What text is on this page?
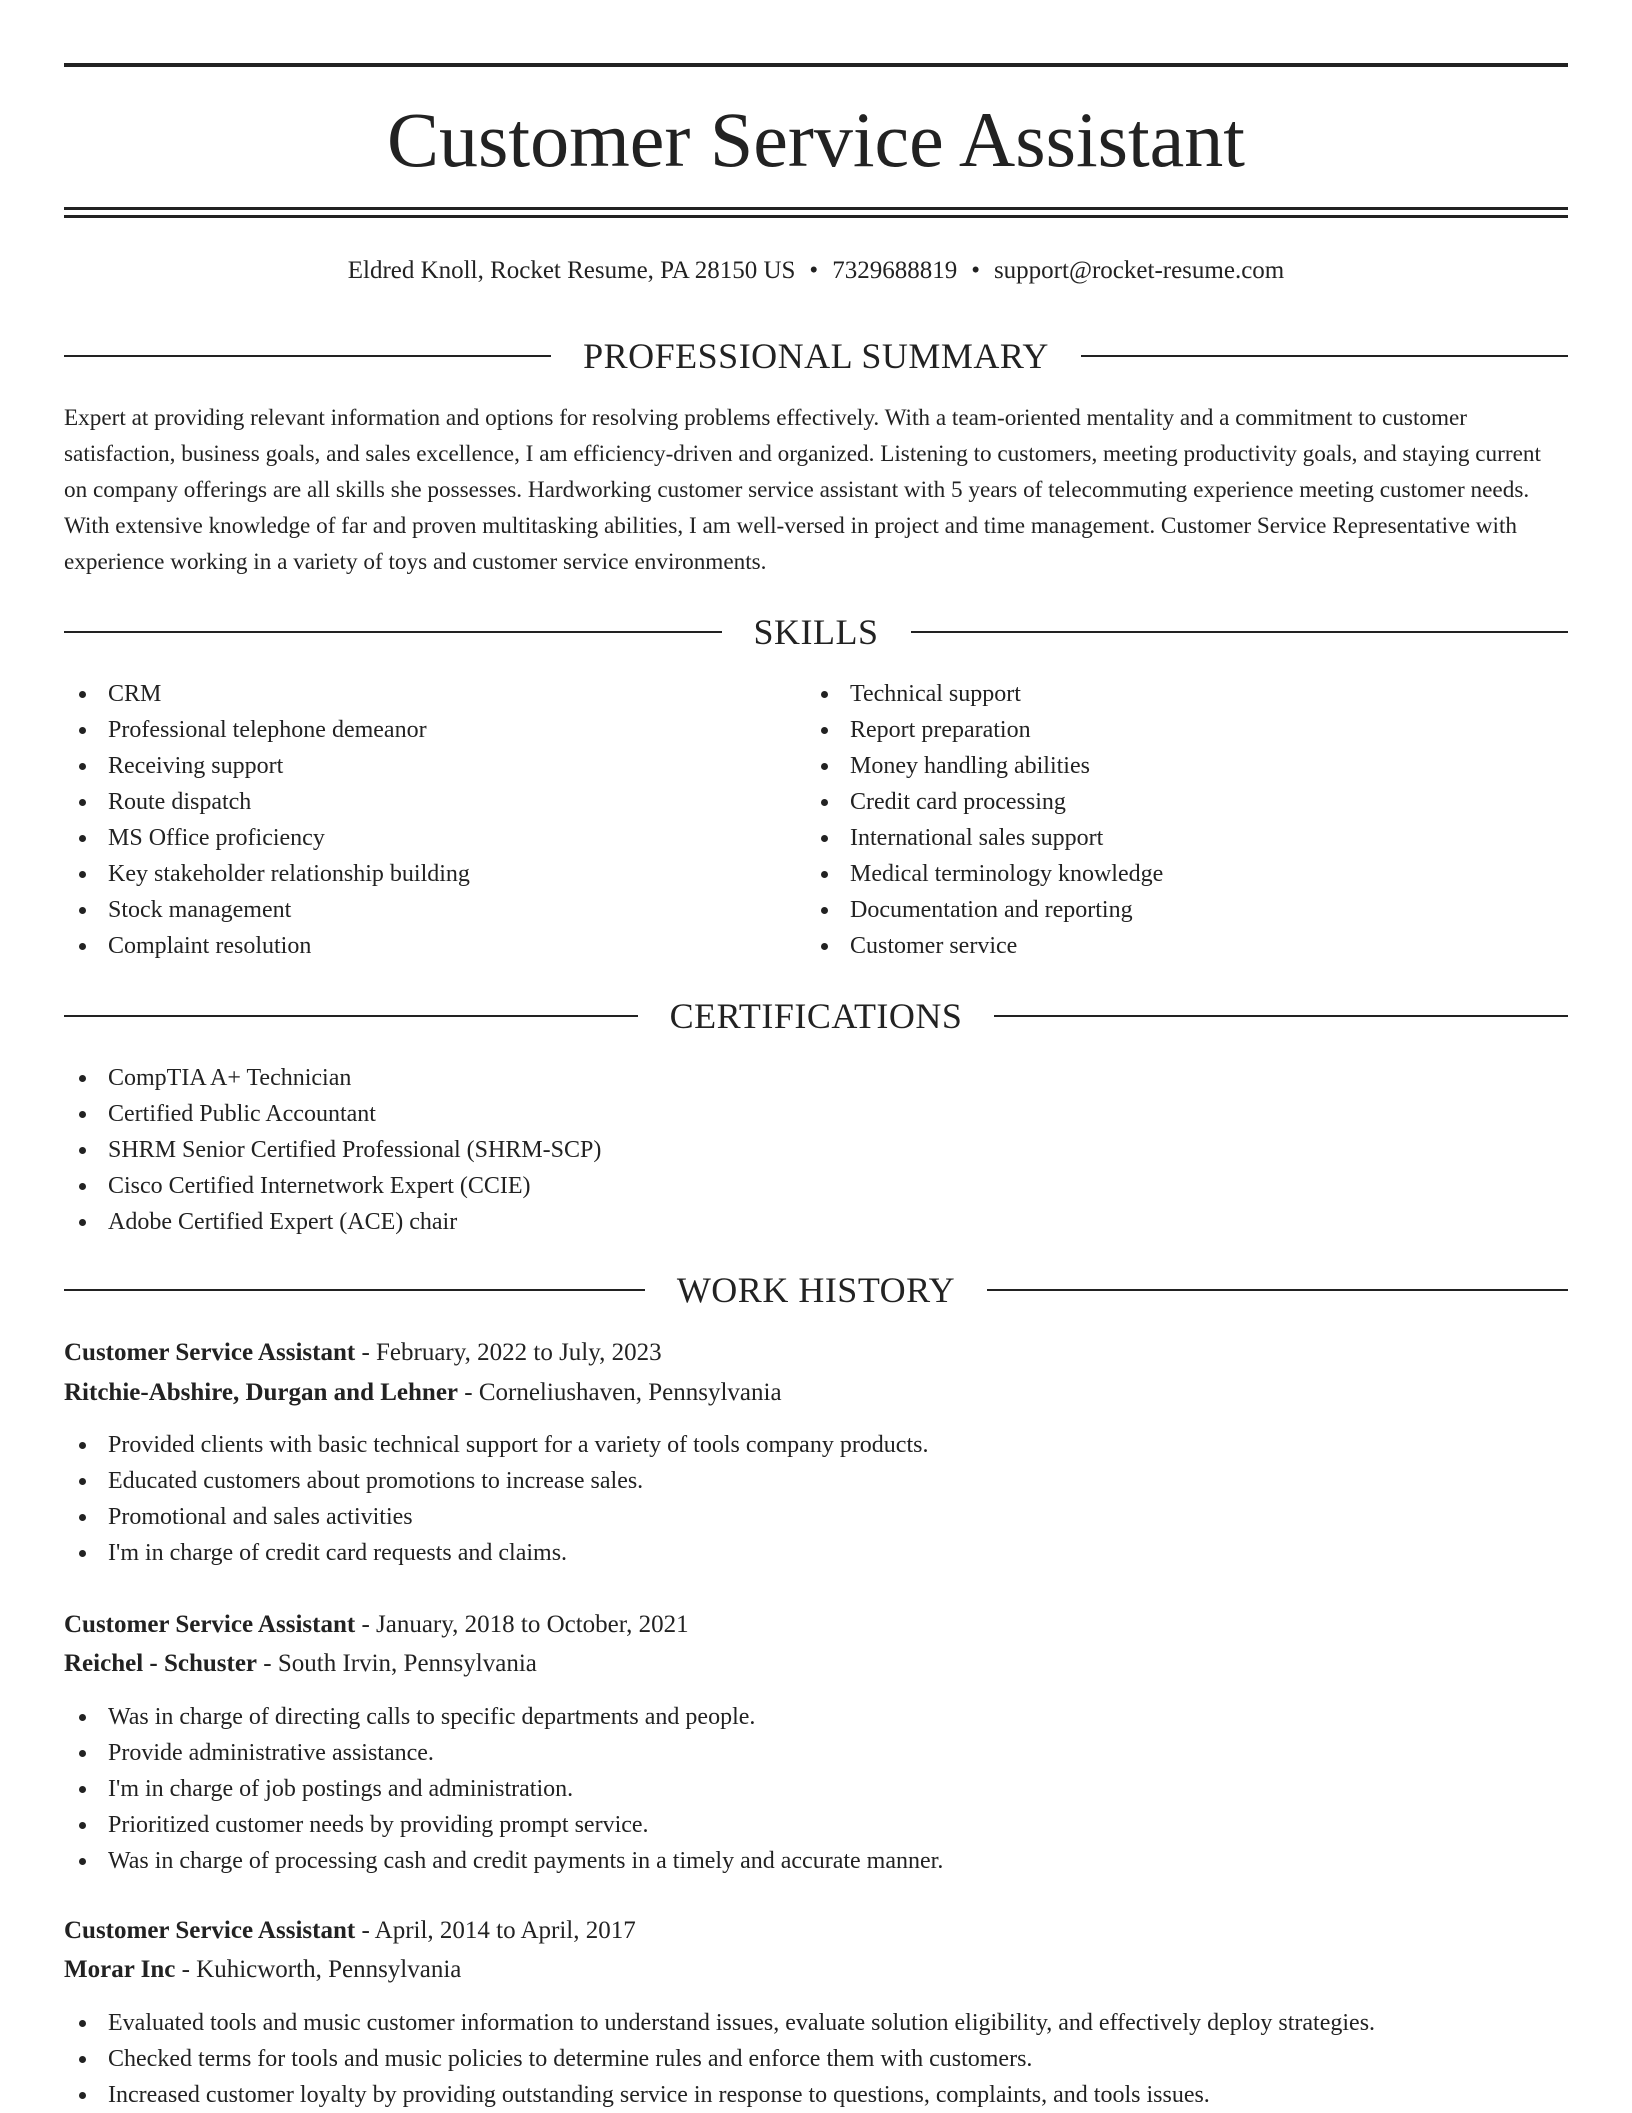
Customer Service Assistant
Eldred Knoll, Rocket Resume, PA 28150 US • 7329688819 • support@rocket-resume.com
PROFESSIONAL SUMMARY
Expert at providing relevant information and options for resolving problems effectively. With a team-oriented mentality and a commitment to customer satisfaction, business goals, and sales excellence, I am efficiency-driven and organized. Listening to customers, meeting productivity goals, and staying current on company offerings are all skills she possesses. Hardworking customer service assistant with 5 years of telecommuting experience meeting customer needs. With extensive knowledge of far and proven multitasking abilities, I am well-versed in project and time management. Customer Service Representative with experience working in a variety of toys and customer service environments.
SKILLS
CRM
Professional telephone demeanor
Receiving support
Route dispatch
MS Office proficiency
Key stakeholder relationship building
Stock management
Complaint resolution
Technical support
Report preparation
Money handling abilities
Credit card processing
International sales support
Medical terminology knowledge
Documentation and reporting
Customer service
CERTIFICATIONS
CompTIA A+ Technician
Certified Public Accountant
SHRM Senior Certified Professional (SHRM-SCP)
Cisco Certified Internetwork Expert (CCIE)
Adobe Certified Expert (ACE) chair
WORK HISTORY
Customer Service Assistant - February, 2022 to July, 2023
Ritchie-Abshire, Durgan and Lehner - Corneliushaven, Pennsylvania
Provided clients with basic technical support for a variety of tools company products.
Educated customers about promotions to increase sales.
Promotional and sales activities
I'm in charge of credit card requests and claims.
Customer Service Assistant - January, 2018 to October, 2021
Reichel - Schuster - South Irvin, Pennsylvania
Was in charge of directing calls to specific departments and people.
Provide administrative assistance.
I'm in charge of job postings and administration.
Prioritized customer needs by providing prompt service.
Was in charge of processing cash and credit payments in a timely and accurate manner.
Customer Service Assistant - April, 2014 to April, 2017
Morar Inc - Kuhicworth, Pennsylvania
Evaluated tools and music customer information to understand issues, evaluate solution eligibility, and effectively deploy strategies.
Checked terms for tools and music policies to determine rules and enforce them with customers.
Increased customer loyalty by providing outstanding service in response to questions, complaints, and tools issues.
